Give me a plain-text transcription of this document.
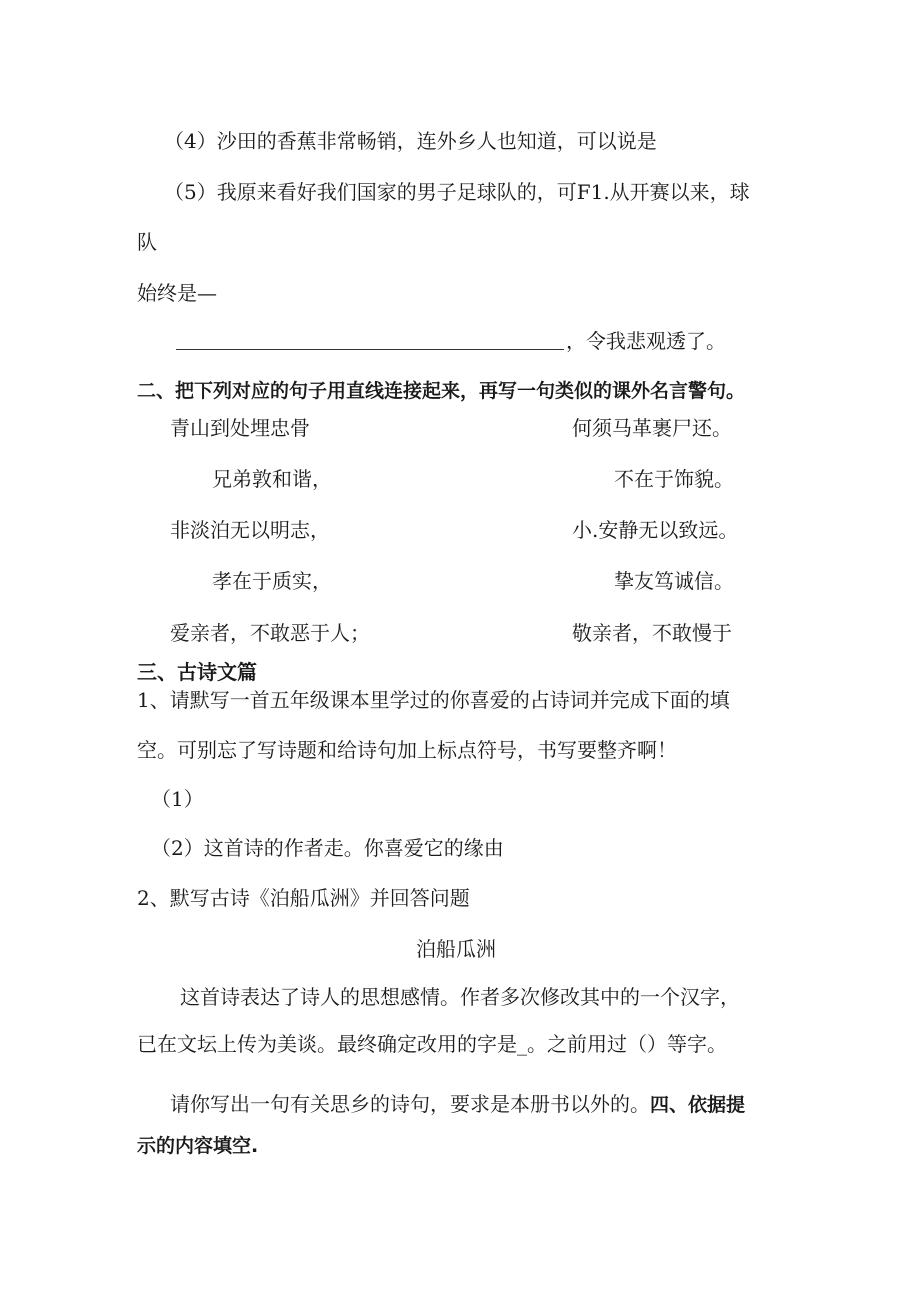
（4）沙田的香蕉非常畅销，连外乡人也知道，可以说是
（5）我原来看好我们国家的男子足球队的，可F1.从开赛以来，球
队
始终是—
，令我悲观透了。
二、把下列对应的句子用直线连接起来，再写一句类似的课外名言警句。
青山到处埋忠骨	何须马革裹尸还。
兄弟敦和谐，	不在于饰貌。
非淡泊无以明志，	小.安静无以致远。
孝在于质实，	挚友笃诚信。
爱亲者，不敢恶于人；	敬亲者，不敢慢于
三、古诗文篇
1、请默写一首五年级课本里学过的你喜爱的占诗词并完成下面的填
空。可别忘了写诗题和给诗句加上标点符号，书写要整齐啊！
（1）
（2）这首诗的作者走。你喜爱它的缘由
2、默写古诗《泊船瓜洲》并回答问题
泊船瓜洲
这首诗表达了诗人的思想感情。作者多次修改其中的一个汉字，
已在文坛上传为美谈。最终确定改用的字是_。之前用过（）等字。
请你写出一句有关思乡的诗句，要求是本册书以外的。四、依据提
示的内容填空.
